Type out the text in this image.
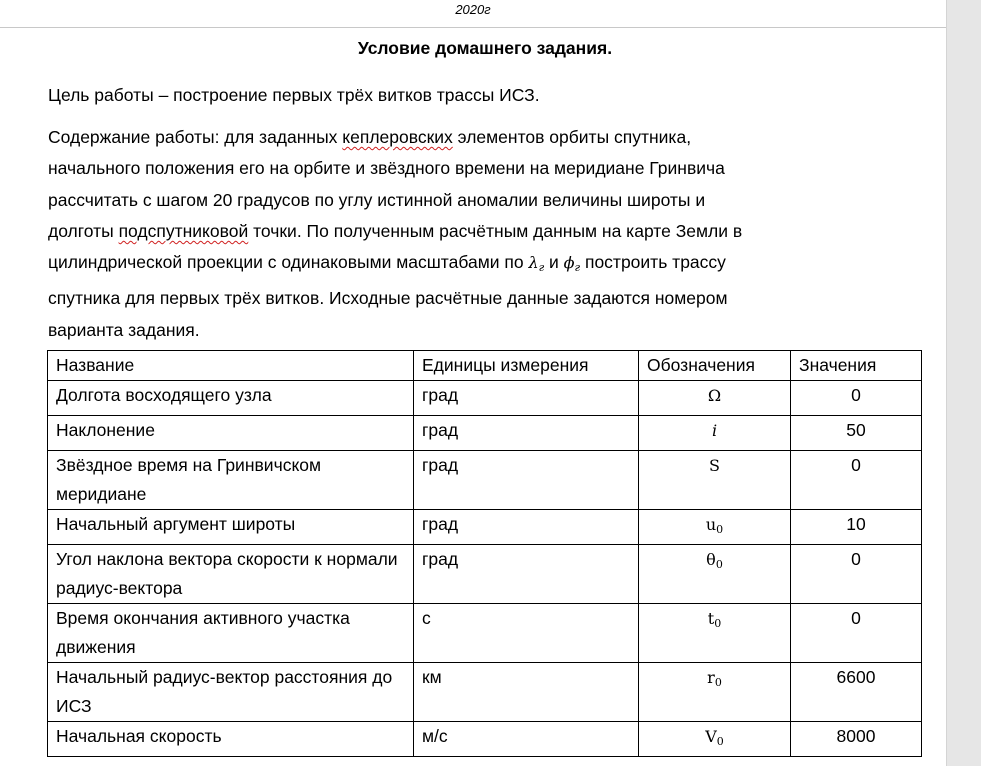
2020г
Условие домашнего задания.
Цель работы – построение первых трёх витков трассы ИСЗ.
Содержание работы: для заданных кеплеровских элементов орбиты спутника,
начального положения его на орбите и звёздного времени на меридиане Гринвича
рассчитать с шагом 20 градусов по углу истинной аномалии величины широты и
долготы подспутниковой точки. По полученным расчётным данным на карте Земли в
цилиндрической проекции с одинаковыми масштабами по $\lambda_г$ и $\phi_г$ построить трассу
спутника для первых трёх витков. Исходные расчётные данные задаются номером
варианта задания.
Название	Единицы измерения	Обозначения	Значения
Долгота восходящего узла	град	Ω	0
Наклонение	град	i	50
Звёздное время на Гринвичском меридиане	град	S	0
Начальный аргумент широты	град	$u_0$	10
Угол наклона вектора скорости к нормали радиус-вектора	град	$\theta_0$	0
Время окончания активного участка движения	с	$t_0$	0
Начальный радиус-вектор расстояния до ИСЗ	км	$r_0$	6600
Начальная скорость	м/с	$V_0$	8000
